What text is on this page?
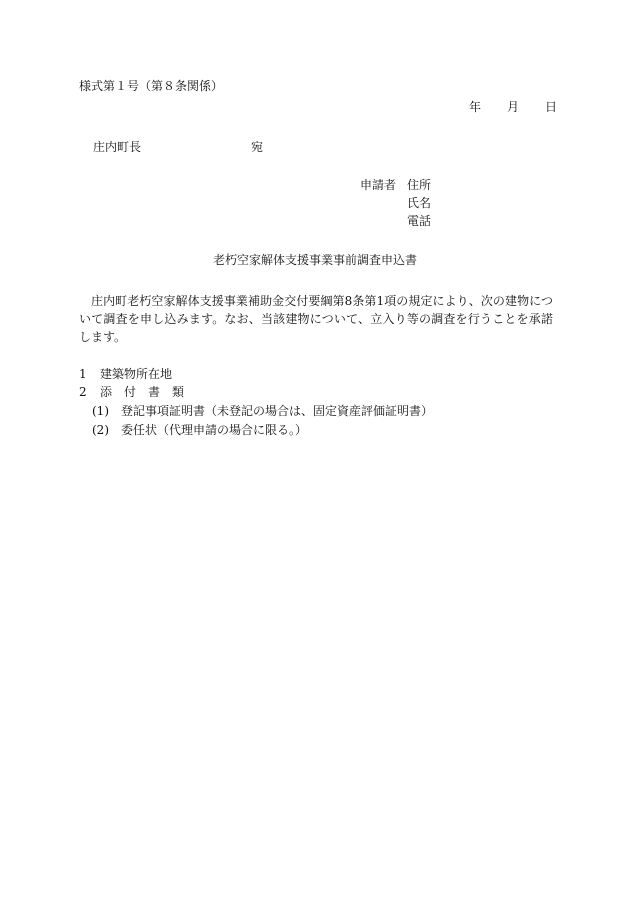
様式第１号（第８条関係）
年 月 日
庄内町長	宛
申請者 住所
氏名
電話
老朽空家解体支援事業事前調査申込書
庄内町老朽空家解体支援事業補助金交付要綱第8条第1項の規定により、次の建物について調査を申し込みます。なお、当該建物について、立入り等の調査を行うことを承諾します。
1 建築物所在地
2 添　付　書　類
(1) 登記事項証明書（未登記の場合は、固定資産評価証明書）
(2) 委任状（代理申請の場合に限る。）
